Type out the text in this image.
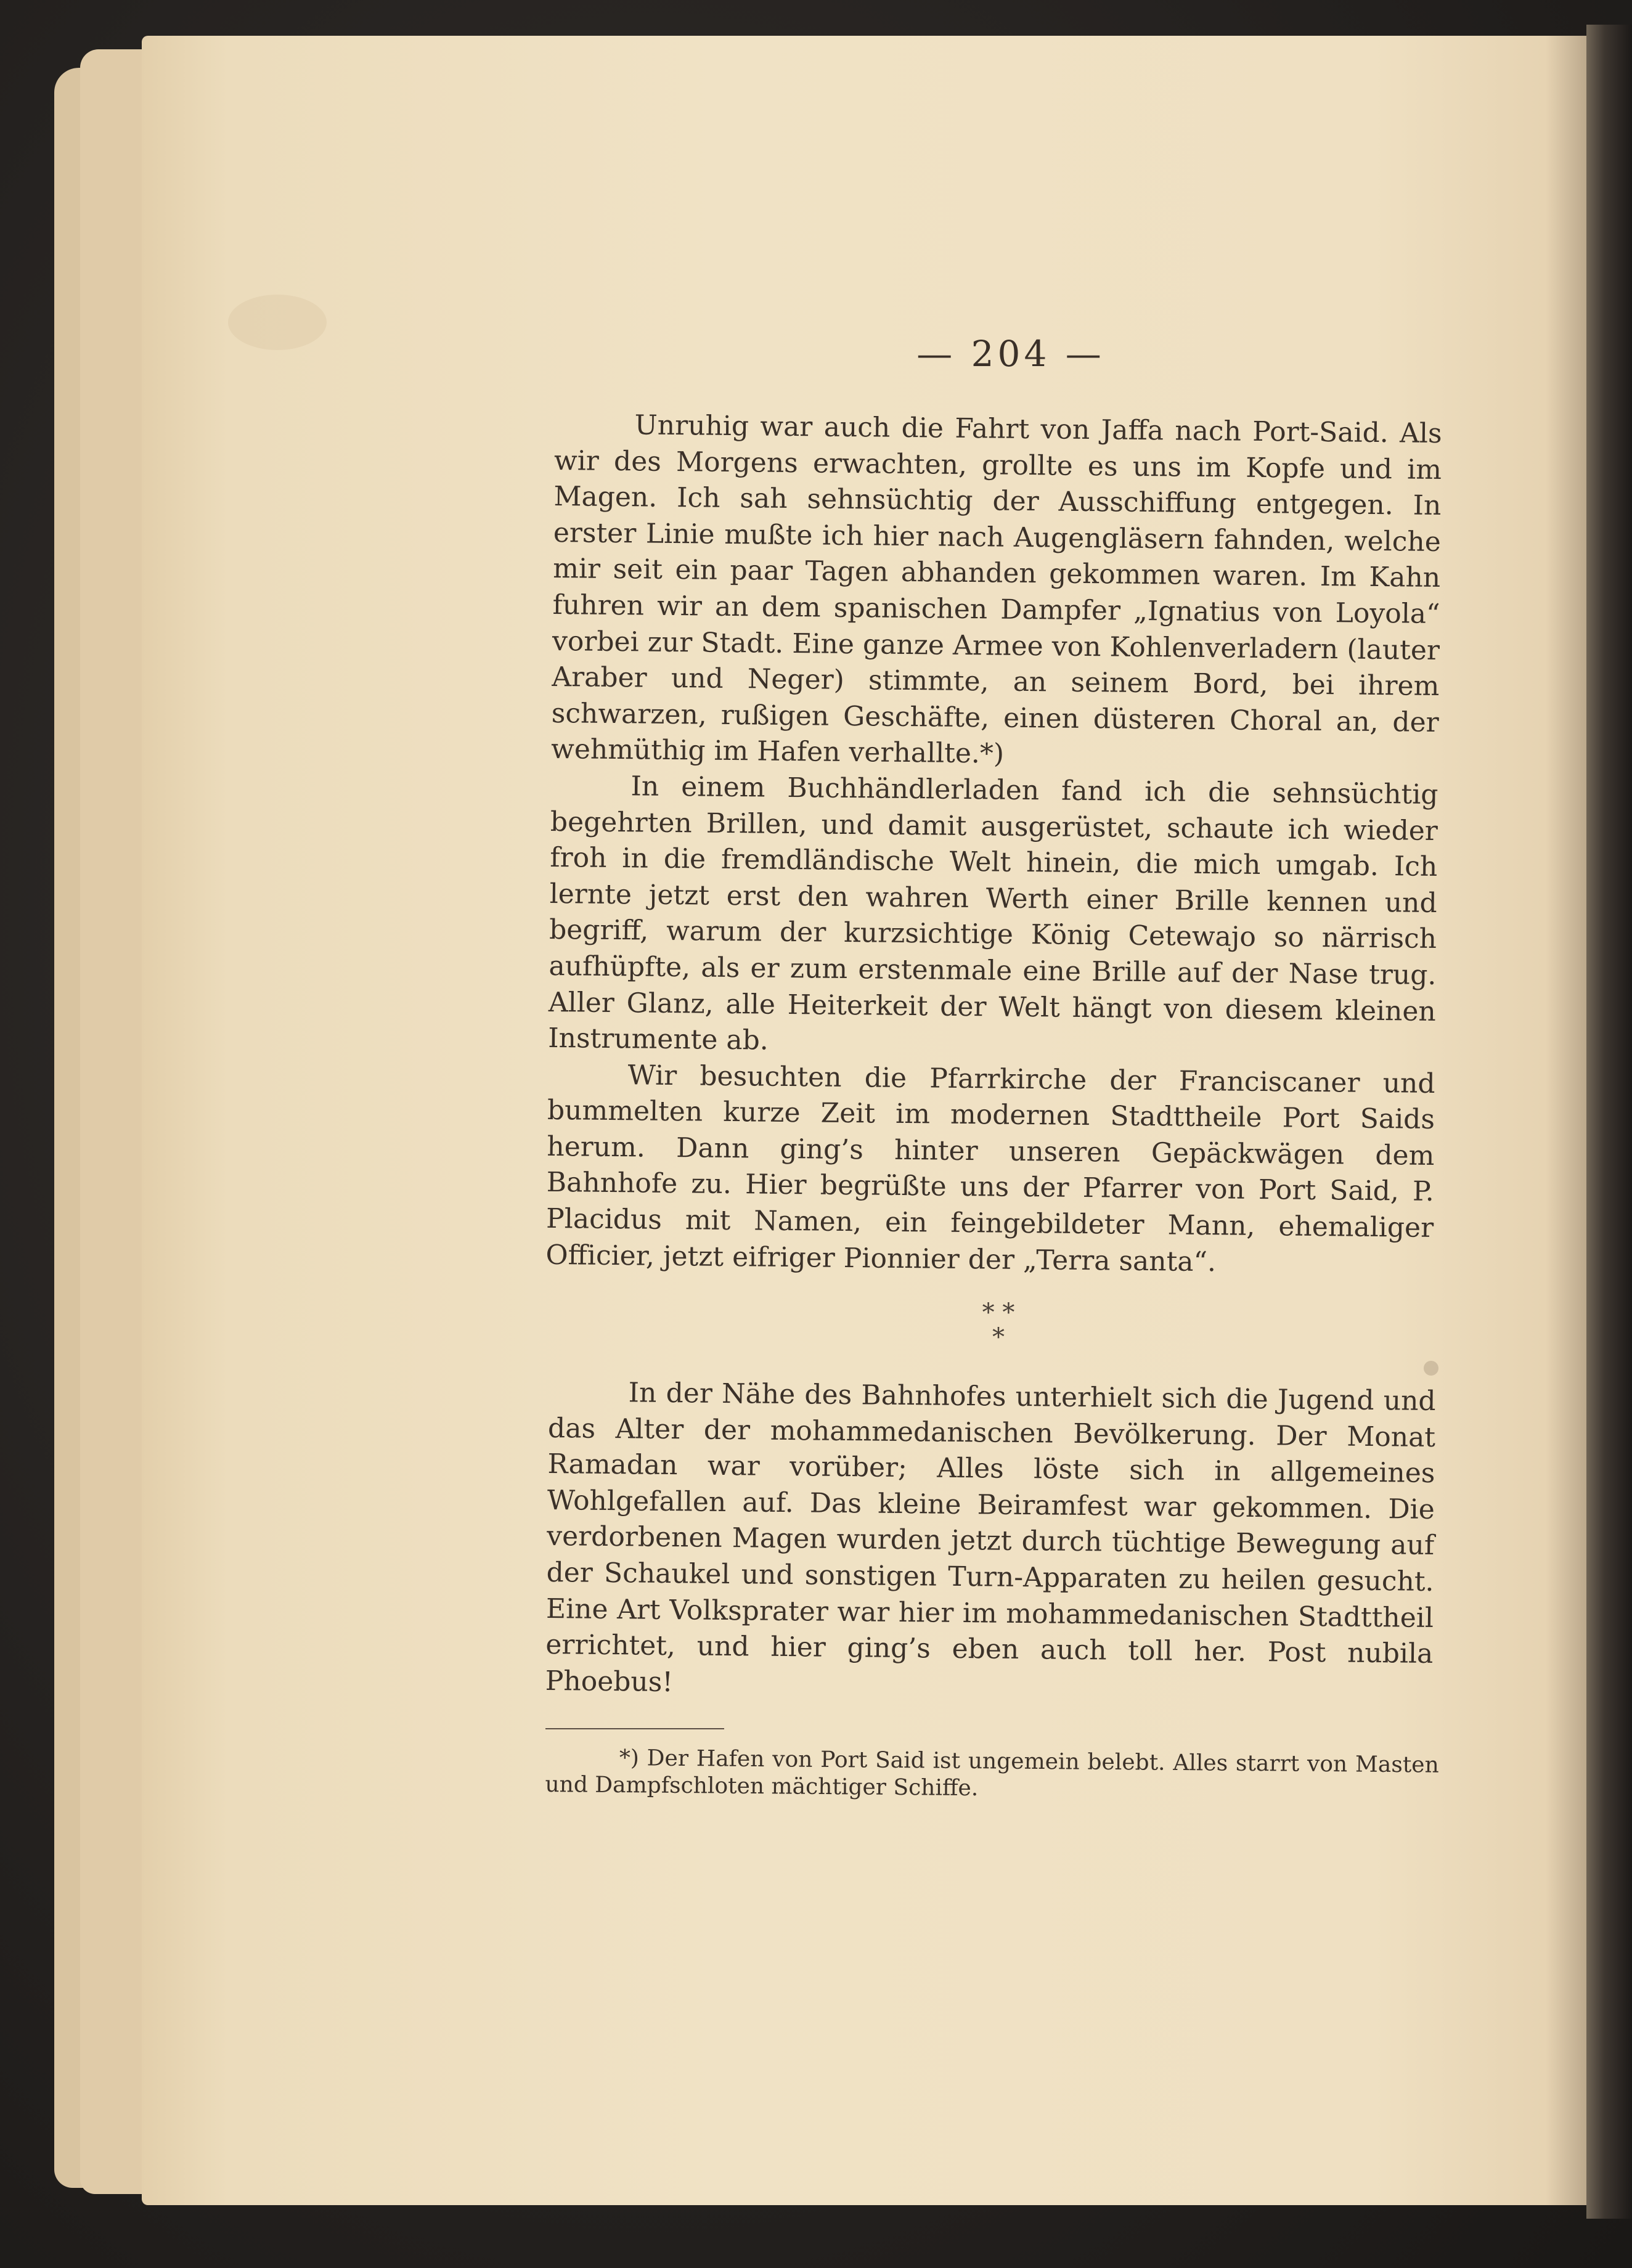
— 204 —

Unruhig war auch die Fahrt von Jaffa nach Port-Said. Als wir des Morgens erwachten, grollte es uns im Kopfe und im Magen. Ich sah sehnsüchtig der Ausschiffung entgegen. In erster Linie mußte ich hier nach Augengläsern fahnden, welche mir seit ein paar Tagen abhanden gekommen waren. Im Kahn fuhren wir an dem spanischen Dampfer „Ignatius von Loyola“ vorbei zur Stadt. Eine ganze Armee von Kohlenverladern (lauter Araber und Neger) stimmte, an seinem Bord, bei ihrem schwarzen, rußigen Geschäfte, einen düsteren Choral an, der wehmüthig im Hafen verhallte.*)

In einem Buchhändlerladen fand ich die sehnsüchtig begehrten Brillen, und damit ausgerüstet, schaute ich wieder froh in die fremdländische Welt hinein, die mich umgab. Ich lernte jetzt erst den wahren Werth einer Brille kennen und begriff, warum der kurzsichtige König Cetewajo so närrisch aufhüpfte, als er zum erstenmale eine Brille auf der Nase trug. Aller Glanz, alle Heiterkeit der Welt hängt von diesem kleinen Instrumente ab.

Wir besuchten die Pfarrkirche der Franciscaner und bummelten kurze Zeit im modernen Stadttheile Port Saids herum. Dann ging’s hinter unseren Gepäckwägen dem Bahnhofe zu. Hier begrüßte uns der Pfarrer von Port Said, P. Placidus mit Namen, ein feingebildeter Mann, ehemaliger Officier, jetzt eifriger Pionnier der „Terra santa“.

* *
*

In der Nähe des Bahnhofes unterhielt sich die Jugend und das Alter der mohammedanischen Bevölkerung. Der Monat Ramadan war vorüber; Alles löste sich in allgemeines Wohlgefallen auf. Das kleine Beiramfest war gekommen. Die verdorbenen Magen wurden jetzt durch tüchtige Bewegung auf der Schaukel und sonstigen Turn-Apparaten zu heilen gesucht. Eine Art Volksprater war hier im mohammedanischen Stadttheil errichtet, und hier ging’s eben auch toll her. Post nubila Phoebus!

*) Der Hafen von Port Said ist ungemein belebt. Alles starrt von Masten und Dampfschloten mächtiger Schiffe.
